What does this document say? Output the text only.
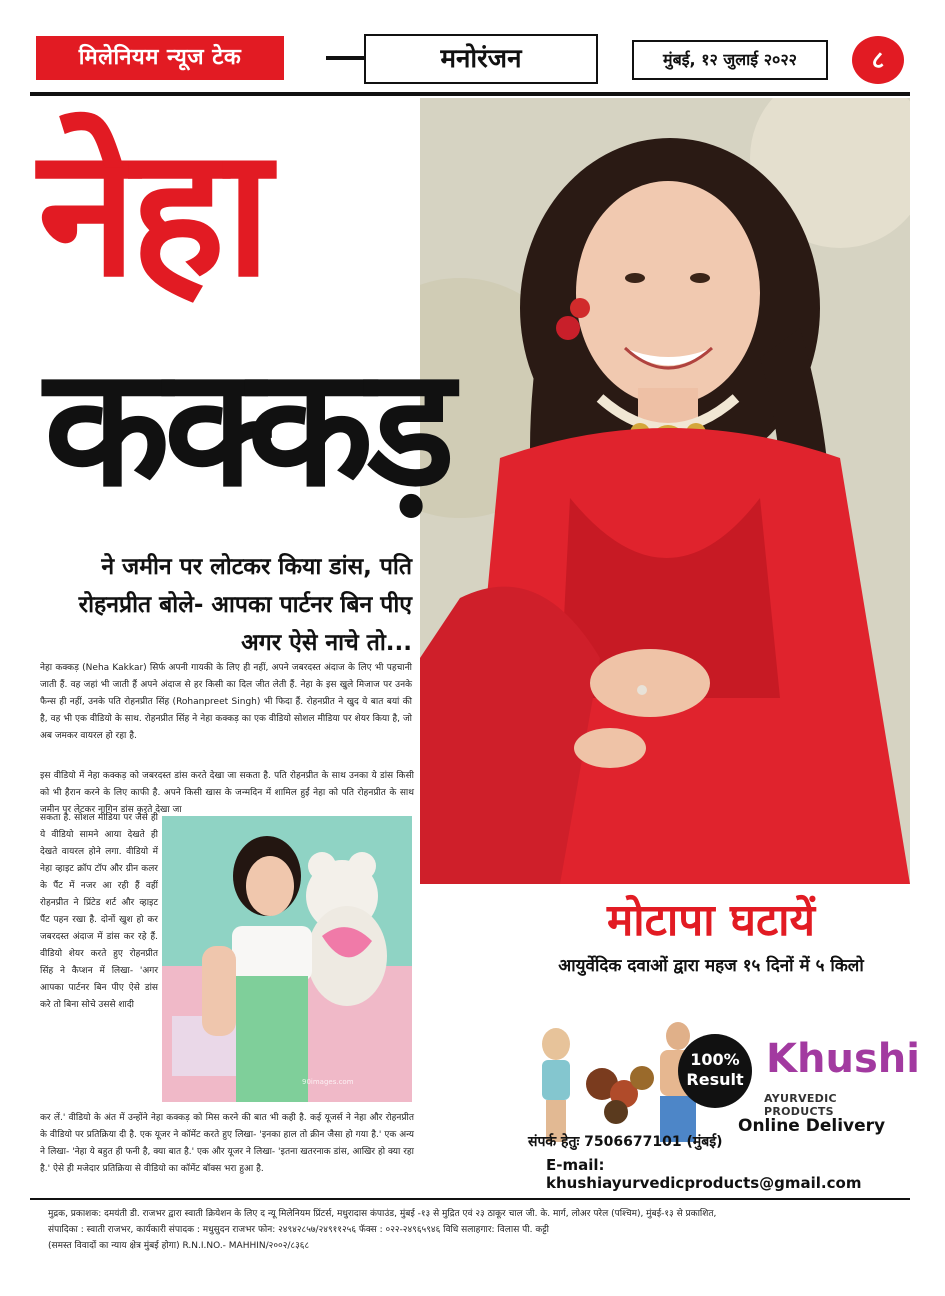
मिलेनियम न्यूज टेक	मनोरंजन	मुंबई, १२ जुलाई २०२२	८
नेहा
कक्कड़
ने जमीन पर लोटकर किया डांस, पति रोहनप्रीत बोले- आपका पार्टनर बिन पीए अगर ऐसे नाचे तो...

नेहा कक्कड़ (Neha Kakkar) सिर्फ अपनी गायकी के लिए ही नहीं, अपने जबरदस्त अंदाज के लिए भी पहचानी जाती हैं. वह जहां भी जाती हैं अपने अंदाज से हर किसी का दिल जीत लेती हैं. नेहा के इस खुले मिजाज पर उनके फैन्स ही नहीं, उनके पति रोहनप्रीत सिंह (Rohanpreet Singh) भी फिदा हैं. रोहनप्रीत ने खुद ये बात बयां की है, वह भी एक वीडियो के साथ. रोहनप्रीत सिंह ने नेहा कक्कड़ का एक वीडियो सोशल मीडिया पर शेयर किया है, जो अब जमकर वायरल हो रहा है.

इस वीडियो में नेहा कक्कड़ को जबरदस्त डांस करते देखा जा सकता है. पति रोहनप्रीत के साथ उनका ये डांस किसी को भी हैरान करने के लिए काफी है. अपने किसी खास के जन्मदिन में शामिल हुईं नेहा को पति रोहनप्रीत के साथ जमीन पर लेटकर नागिन डांस करते देखा जा

सकता है. सोशल मीडिया पर जैसे ही ये वीडियो सामने आया देखते ही देखते वायरल होने लगा. वीडियो में नेहा व्हाइट क्रॉप टॉप और ग्रीन कलर के पैंट में नजर आ रही हैं वहीं रोहनप्रीत ने प्रिंटेड शर्ट और व्हाइट पैंट पहन रखा है. दोनों खुश हो कर जबरदस्त अंदाज में डांस कर रहे हैं. वीडियो शेयर करते हुए रोहनप्रीत सिंह ने कैप्शन में लिखा- 'अगर आपका पार्टनर बिन पीए ऐसे डांस करे तो बिना सोचे उससे शादी

90images.com

कर लें.' वीडियो के अंत में उन्होंने नेहा कक्कड़ को मिस करने की बात भी कही है. कई यूजर्स ने नेहा और रोहनप्रीत के वीडियो पर प्रतिक्रिया दी है. एक यूजर ने कॉमेंट करते हुए लिखा- 'इनका हाल तो क्रीन जैसा हो गया है.' एक अन्य ने लिखा- 'नेहा ये बहुत ही फनी है, क्या बात है.' एक और यूजर ने लिखा- 'इतना खतरनाक डांस, आखिर हो क्या रहा है.' ऐसे ही मजेदार प्रतिक्रिया से वीडियो का कॉमेंट बॉक्स भरा हुआ है.

मोटापा घटायें
आयुर्वेदिक दवाओं द्वारा महज १५ दिनों में ५ किलो
100%
Result Khushi
AYURVEDIC PRODUCTS
Online Delivery
संपर्क हेतुः 7506677101 (मुंबई)
E-mail: khushiayurvedicproducts@gmail.com
मुद्रक, प्रकाशक: दमयंती डी. राजभर द्वारा स्वाती क्रियेशन के लिए द न्यू मिलेनियम प्रिंटर्स, मधुरादास कंपाउंड, मुंबई -१३ से मुद्रित एवं २३ ठाकूर चाल जी. के. मार्ग, लोअर परेल (पश्चिम), मुंबई-१३ से प्रकाशित,
संपादिका : स्वाती राजभर, कार्यकारी संपादक : मधुसुदन राजभर फोन: २४९४२८५७/२४९११२५६ फॅक्स : ०२२-२४९६५९४६ विधि सलाहगार: विलास पी. कट्टी
(समस्त विवादों का न्याय क्षेत्र मुंबई होगा) R.N.I.NO.- MAHHIN/२००२/८३६८
